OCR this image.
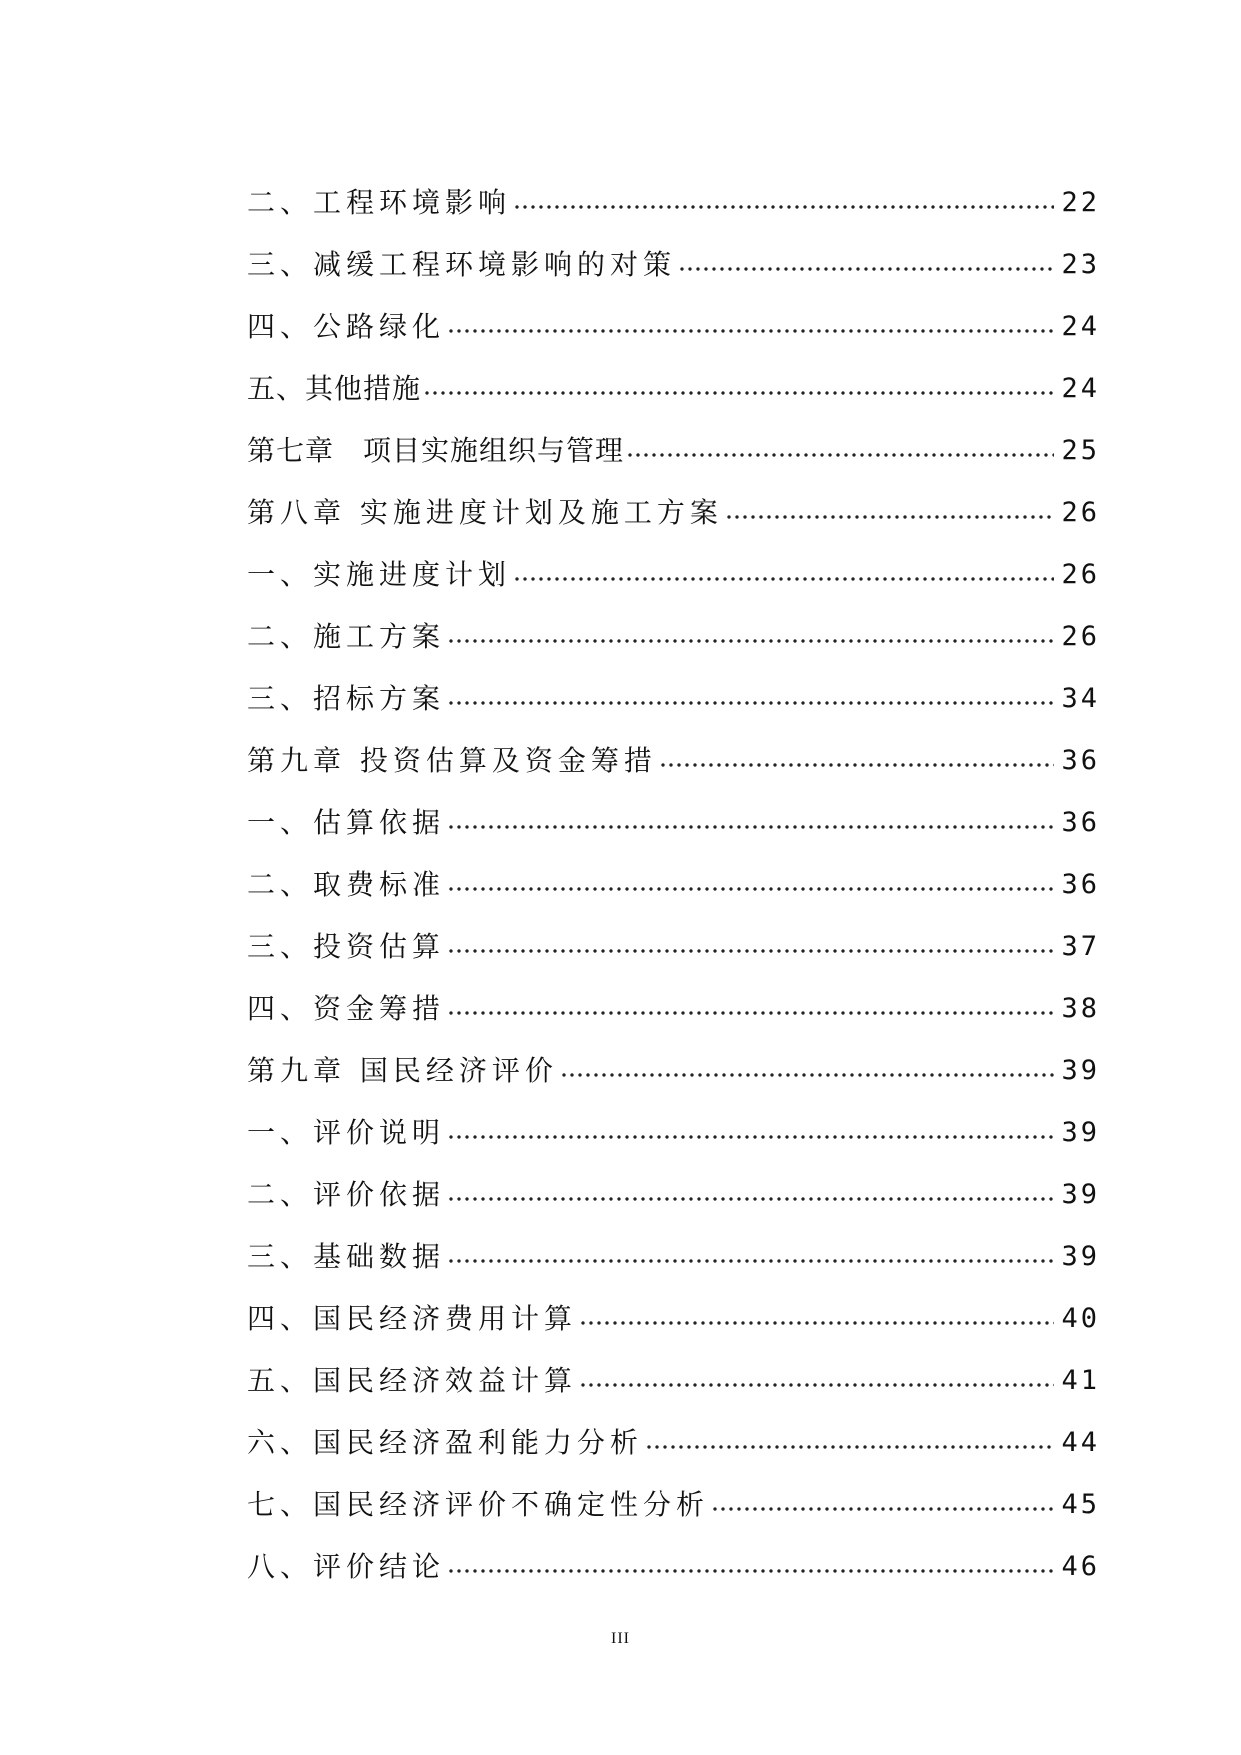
二、工程环境影响	22
三、减缓工程环境影响的对策	23
四、公路绿化	24
五、其他措施	24
第七章　项目实施组织与管理	25
第八章 实施进度计划及施工方案	26
一、实施进度计划	26
二、施工方案	26
三、招标方案	34
第九章 投资估算及资金筹措	36
一、估算依据	36
二、取费标准	36
三、投资估算	37
四、资金筹措	38
第九章 国民经济评价	39
一、评价说明	39
二、评价依据	39
三、基础数据	39
四、国民经济费用计算	40
五、国民经济效益计算	41
六、国民经济盈利能力分析	44
七、国民经济评价不确定性分析	45
八、评价结论	46
III
